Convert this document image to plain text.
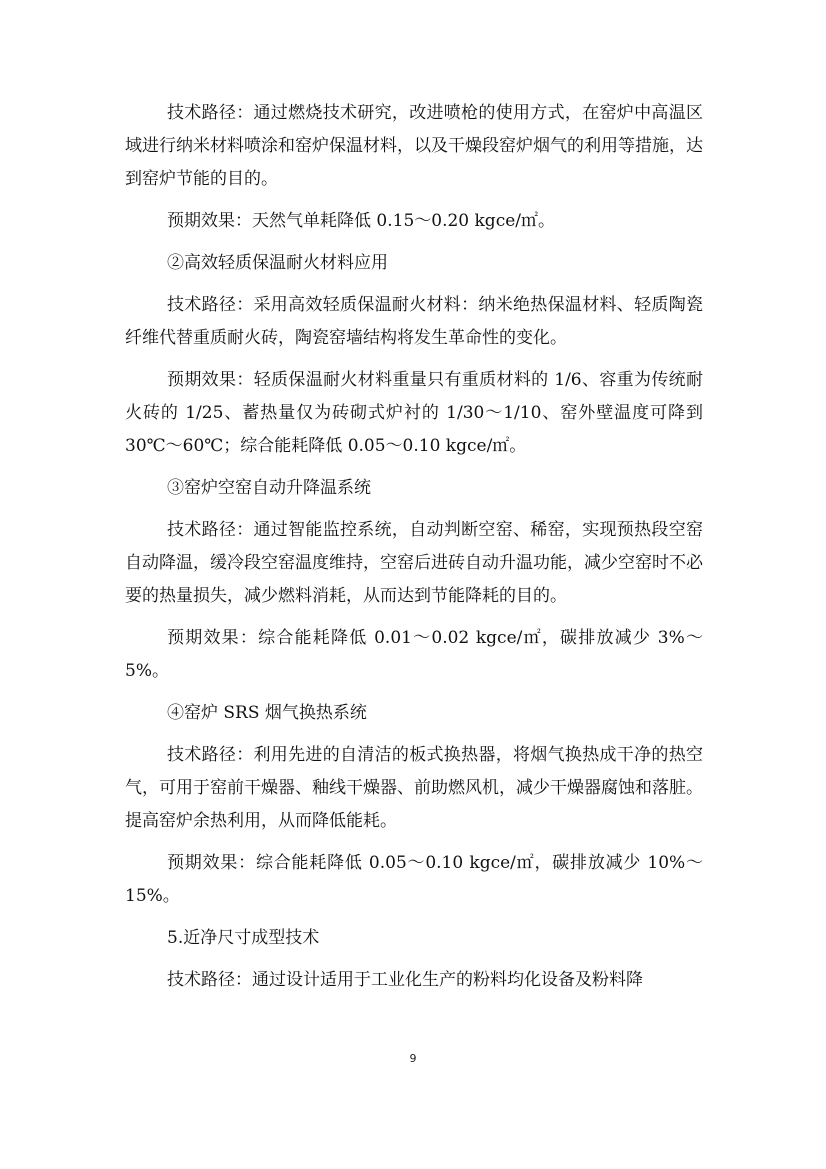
技术路径：通过燃烧技术研究，改进喷枪的使用方式，在窑炉中高温区域进行纳米材料喷涂和窑炉保温材料，以及干燥段窑炉烟气的利用等措施，达到窑炉节能的目的。

预期效果：天然气单耗降低 0.15～0.20 kgce/㎡。

②高效轻质保温耐火材料应用

技术路径：采用高效轻质保温耐火材料：纳米绝热保温材料、轻质陶瓷纤维代替重质耐火砖，陶瓷窑墙结构将发生革命性的变化。

预期效果：轻质保温耐火材料重量只有重质材料的 1/6、容重为传统耐火砖的 1/25、蓄热量仅为砖砌式炉衬的 1/30～1/10、窑外壁温度可降到 30℃～60℃；综合能耗降低 0.05～0.10 kgce/㎡。

③窑炉空窑自动升降温系统

技术路径：通过智能监控系统，自动判断空窑、稀窑，实现预热段空窑自动降温，缓冷段空窑温度维持，空窑后进砖自动升温功能，减少空窑时不必要的热量损失，减少燃料消耗，从而达到节能降耗的目的。

预期效果：综合能耗降低 0.01～0.02 kgce/㎡，碳排放减少 3%～5%。

④窑炉 SRS 烟气换热系统

技术路径：利用先进的自清洁的板式换热器，将烟气换热成干净的热空气，可用于窑前干燥器、釉线干燥器、前助燃风机，减少干燥器腐蚀和落脏。提高窑炉余热利用，从而降低能耗。

预期效果：综合能耗降低 0.05～0.10 kgce/㎡，碳排放减少 10%～15%。

5.近净尺寸成型技术

技术路径：通过设计适用于工业化生产的粉料均化设备及粉料降

9
